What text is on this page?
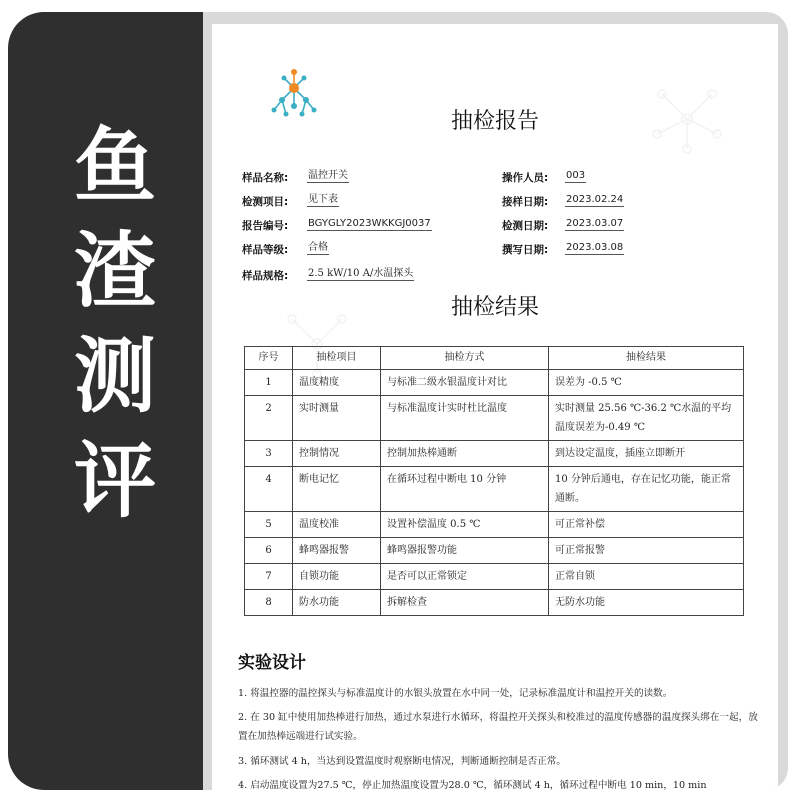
鱼
渣
测
评
抽检报告
样品名称: 温控开关
检测项目: 见下表
报告编号: BGYGLY2023WKKGJ0037
样品等级: 合格
样品规格: 2.5 kW/10 A/水温探头
操作人员: 003
接样日期: 2023.02.24
检测日期: 2023.03.07
撰写日期: 2023.03.08
抽检结果
序号	抽检项目	抽检方式	抽检结果
1	温度精度	与标准二级水银温度计对比	误差为 -0.5 ℃
2	实时测量	与标准温度计实时杜比温度	实时测量 25.56 ℃-36.2 ℃水温的平均温度误差为-0.49 ℃
3	控制情况	控制加热棒通断	到达设定温度，插座立即断开
4	断电记忆	在循环过程中断电 10 分钟	10 分钟后通电，存在记忆功能，能正常通断。
5	温度校准	设置补偿温度 0.5 ℃	可正常补偿
6	蜂鸣器报警	蜂鸣器报警功能	可正常报警
7	自锁功能	是否可以正常锁定	正常自锁
8	防水功能	拆解检查	无防水功能
实验设计
1. 将温控器的温控探头与标准温度计的水银头放置在水中同一处，记录标准温度计和温控开关的读数。
2. 在 30 缸中使用加热棒进行加热，通过水泵进行水循环，将温控开关探头和校准过的温度传感器的温度探头绑在一起，放置在加热棒远端进行试实验。
3. 循环测试 4 h，当达到设置温度时观察断电情况，判断通断控制是否正常。
4. 启动温度设置为27.5 ℃，停止加热温度设置为28.0 ℃，循环测试 4 h，循环过程中断电 10 min，10 min
